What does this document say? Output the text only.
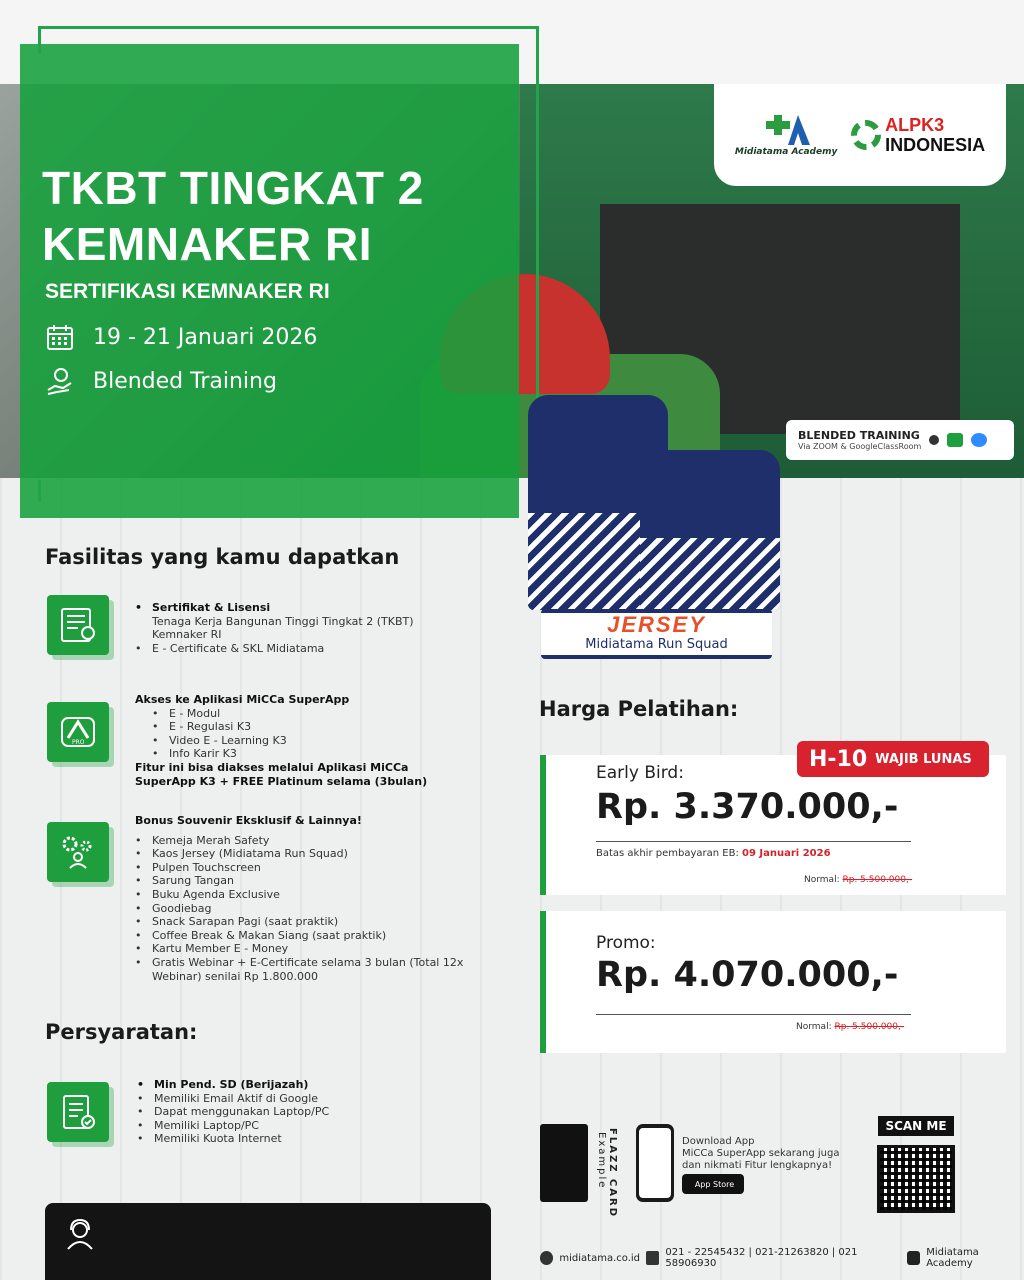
TKBT TINGKAT 2
KEMNAKER RI
SERTIFIKASI KEMNAKER RI
19 - 21 Januari 2026
Blended Training
Midiatama Academy
ALPK3
INDONESIA
BLENDED TRAINING
Via ZOOM & GoogleClassRoom
JERSEY
Midiatama Run Squad
Fasilitas yang kamu dapatkan
• Sertifikat & Lisensi
Tenaga Kerja Bangunan Tinggi Tingkat 2 (TKBT)
Kemnaker RI
• E - Certificate & SKL Midiatama
PRO
Akses ke Aplikasi MiCCa SuperApp
• E - Modul
• E - Regulasi K3
• Video E - Learning K3
• Info Karir K3
Fitur ini bisa diakses melalui Aplikasi MiCCa
SuperApp K3 + FREE Platinum selama (3bulan)
Bonus Souvenir Eksklusif & Lainnya!
• Kemeja Merah Safety
• Kaos Jersey (Midiatama Run Squad)
• Pulpen Touchscreen
• Sarung Tangan
• Buku Agenda Exclusive
• Goodiebag
• Snack Sarapan Pagi (saat praktik)
• Coffee Break & Makan Siang (saat praktik)
• Kartu Member E - Money
• Gratis Webinar + E-Certificate selama 3 bulan (Total 12x
Webinar) senilai Rp 1.800.000
Persyaratan:
• Min Pend. SD (Berijazah)
• Memiliki Email Aktif di Google
• Dapat menggunakan Laptop/PC
• Memiliki Laptop/PC
• Memiliki Kuota Internet
Harga Pelatihan:
Early Bird:
Rp. 3.370.000,-
Batas akhir pembayaran EB: 09 Januari 2026
Normal: Rp. 5.500.000,-
H-10 WAJIB LUNAS
Promo:
Rp. 4.070.000,-
Normal: Rp. 5.500.000,-
FLAZZ CARD Example	Download App
MiCCa SuperApp sekarang juga
dan nikmati Fitur lengkapnya!
App Store
SCAN ME
midiatama.co.id	021 - 22545432 | 021-21263820 | 021 58906930
Midiatama Academy
